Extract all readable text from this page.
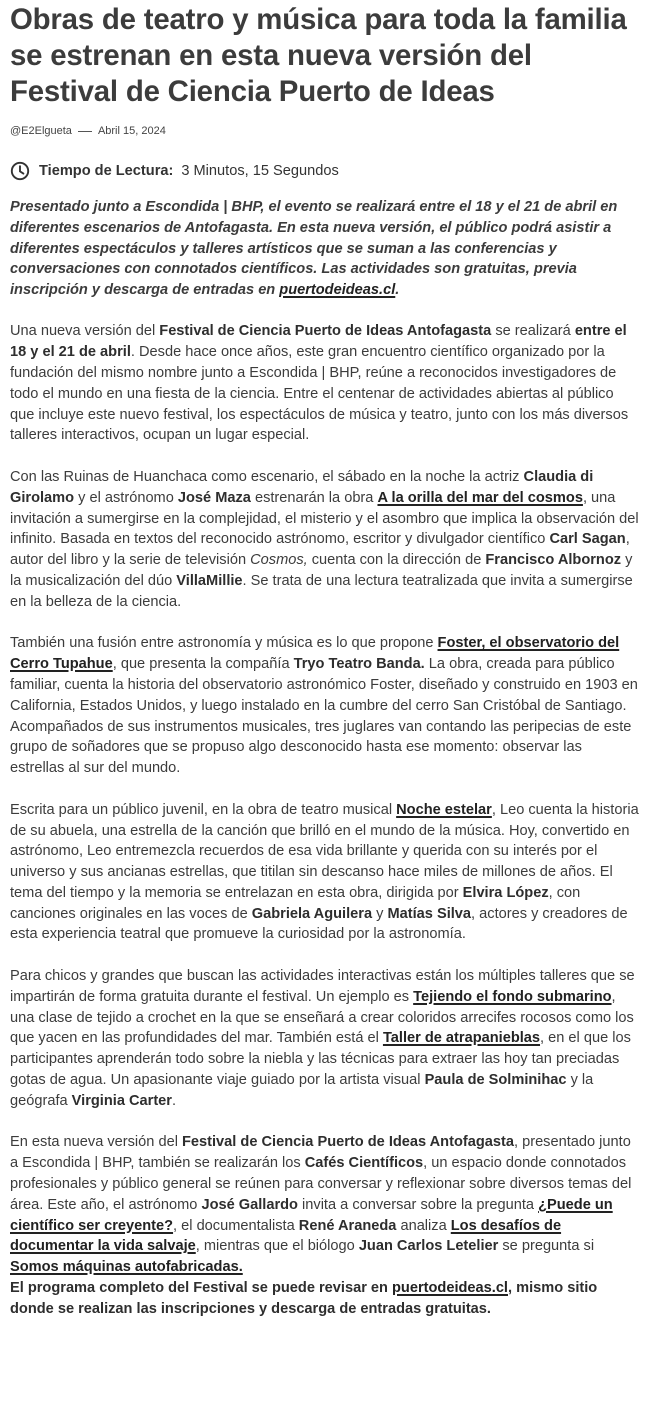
Obras de teatro y música para toda la familia se estrenan en esta nueva versión del Festival de Ciencia Puerto de Ideas
@E2Elgueta Abril 15, 2024
Tiempo de Lectura: 3 Minutos, 15 Segundos

Presentado junto a Escondida | BHP, el evento se realizará entre el 18 y el 21 de abril en diferentes escenarios de Antofagasta. En esta nueva versión, el público podrá asistir a diferentes espectáculos y talleres artísticos que se suman a las conferencias y conversaciones con connotados científicos. Las actividades son gratuitas, previa inscripción y descarga de entradas en puertodeideas.cl.

Una nueva versión del Festival de Ciencia Puerto de Ideas Antofagasta se realizará entre el 18 y el 21 de abril. Desde hace once años, este gran encuentro científico organizado por la fundación del mismo nombre junto a Escondida | BHP, reúne a reconocidos investigadores de todo el mundo en una fiesta de la ciencia. Entre el centenar de actividades abiertas al público que incluye este nuevo festival, los espectáculos de música y teatro, junto con los más diversos talleres interactivos, ocupan un lugar especial.

Con las Ruinas de Huanchaca como escenario, el sábado en la noche la actriz Claudia di Girolamo y el astrónomo José Maza estrenarán la obra A la orilla del mar del cosmos, una invitación a sumergirse en la complejidad, el misterio y el asombro que implica la observación del infinito. Basada en textos del reconocido astrónomo, escritor y divulgador científico Carl Sagan, autor del libro y la serie de televisión Cosmos, cuenta con la dirección de Francisco Albornoz y la musicalización del dúo VillaMillie. Se trata de una lectura teatralizada que invita a sumergirse en la belleza de la ciencia.

También una fusión entre astronomía y música es lo que propone Foster, el observatorio del Cerro Tupahue, que presenta la compañía Tryo Teatro Banda. La obra, creada para público familiar, cuenta la historia del observatorio astronómico Foster, diseñado y construido en 1903 en California, Estados Unidos, y luego instalado en la cumbre del cerro San Cristóbal de Santiago. Acompañados de sus instrumentos musicales, tres juglares van contando las peripecias de este grupo de soñadores que se propuso algo desconocido hasta ese momento: observar las estrellas al sur del mundo.

Escrita para un público juvenil, en la obra de teatro musical Noche estelar, Leo cuenta la historia de su abuela, una estrella de la canción que brilló en el mundo de la música. Hoy, convertido en astrónomo, Leo entremezcla recuerdos de esa vida brillante y querida con su interés por el universo y sus ancianas estrellas, que titilan sin descanso hace miles de millones de años. El tema del tiempo y la memoria se entrelazan en esta obra, dirigida por Elvira López, con canciones originales en las voces de Gabriela Aguilera y Matías Silva, actores y creadores de esta experiencia teatral que promueve la curiosidad por la astronomía.

Para chicos y grandes que buscan las actividades interactivas están los múltiples talleres que se impartirán de forma gratuita durante el festival. Un ejemplo es Tejiendo el fondo submarino, una clase de tejido a crochet en la que se enseñará a crear coloridos arrecifes rocosos como los que yacen en las profundidades del mar. También está el Taller de atrapanieblas, en el que los participantes aprenderán todo sobre la niebla y las técnicas para extraer las hoy tan preciadas gotas de agua. Un apasionante viaje guiado por la artista visual Paula de Solminihac y la geógrafa Virginia Carter.

En esta nueva versión del Festival de Ciencia Puerto de Ideas Antofagasta, presentado junto a Escondida | BHP, también se realizarán los Cafés Científicos, un espacio donde connotados profesionales y público general se reúnen para conversar y reflexionar sobre diversos temas del área. Este año, el astrónomo José Gallardo invita a conversar sobre la pregunta ¿Puede un científico ser creyente?, el documentalista René Araneda analiza Los desafíos de documentar la vida salvaje, mientras que el biólogo Juan Carlos Letelier se pregunta si Somos máquinas autofabricadas.
El programa completo del Festival se puede revisar en puertodeideas.cl, mismo sitio donde se realizan las inscripciones y descarga de entradas gratuitas.
